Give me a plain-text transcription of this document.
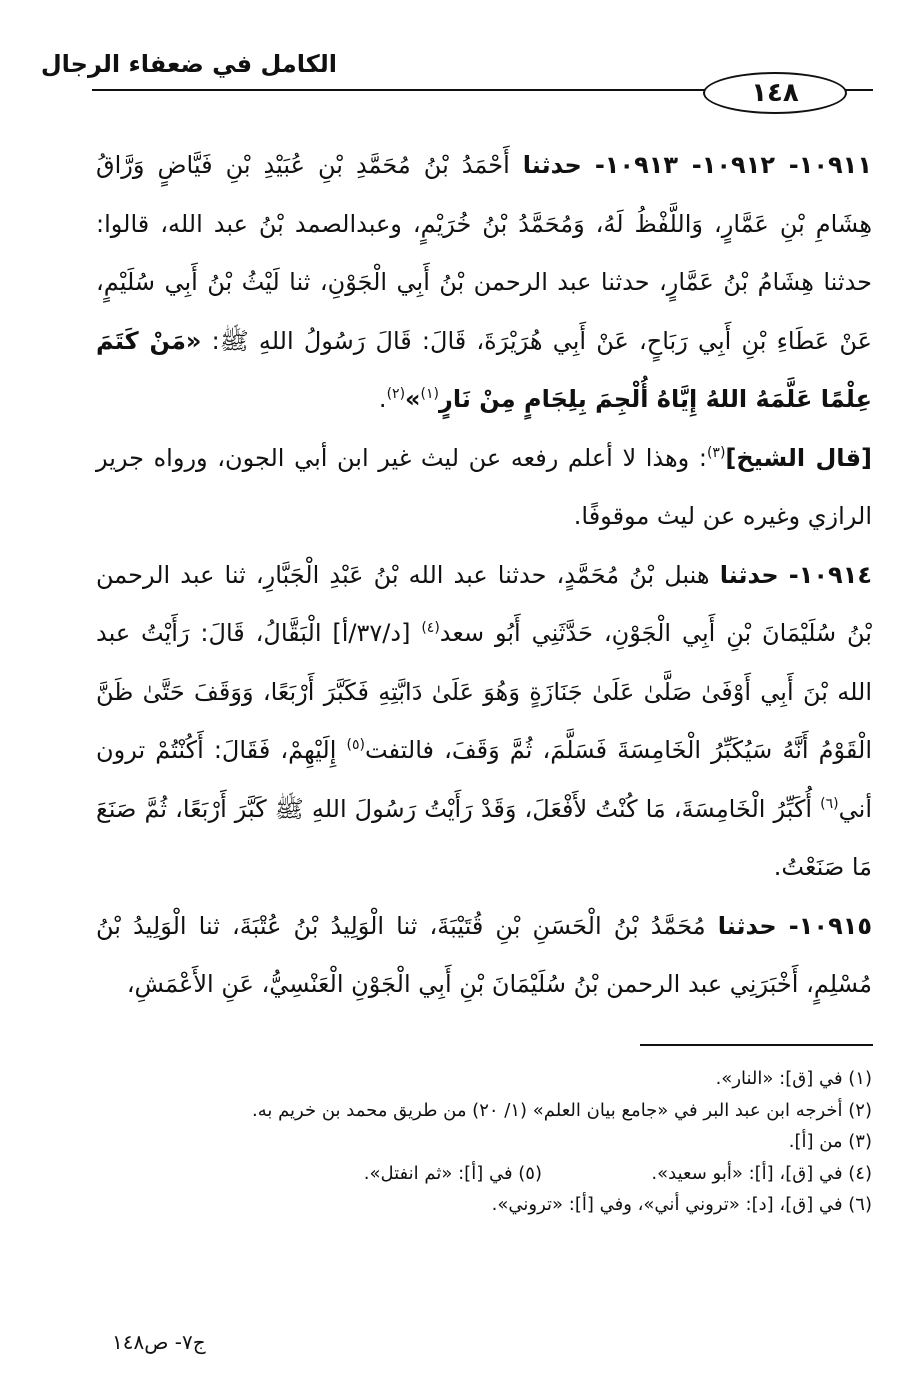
الكامل في ضعفاء الرجال
١٤٨

١٠٩١١- ١٠٩١٢- ١٠٩١٣- حدثنا أَحْمَدُ بْنُ مُحَمَّدِ بْنِ عُبَيْدِ بْنِ فَيَّاضٍ وَرَّاقُ هِشَامِ بْنِ عَمَّارٍ، وَاللَّفْظُ لَهُ، وَمُحَمَّدُ بْنُ خُرَيْمٍ، وعبدالصمد بْنُ عبد الله، قالوا: حدثنا هِشَامُ بْنُ عَمَّارٍ، حدثنا عبد الرحمن بْنُ أَبِي الْجَوْنِ، ثنا لَيْثُ بْنُ أَبِي سُلَيْمٍ، عَنْ عَطَاءِ بْنِ أَبِي رَبَاحٍ، عَنْ أَبِي هُرَيْرَةَ، قَالَ: قَالَ رَسُولُ اللهِ ﷺ: «مَنْ كَتَمَ عِلْمًا عَلَّمَهُ اللهُ إِيَّاهُ أُلْجِمَ بِلِجَامٍ مِنْ نَارٍ$^{(١)}$»$^{(٢)}$.

[قال الشيخ]$^{(٣)}$: وهذا لا أعلم رفعه عن ليث غير ابن أبي الجون، ورواه جرير الرازي وغيره عن ليث موقوفًا.

١٠٩١٤- حدثنا هنبل بْنُ مُحَمَّدٍ، حدثنا عبد الله بْنُ عَبْدِ الْجَبَّارِ، ثنا عبد الرحمن بْنُ سُلَيْمَانَ بْنِ أَبِي الْجَوْنِ، حَدَّثَنِي أَبُو سعد$^{(٤)}$ [د/٣٧/أ] الْبَقَّالُ، قَالَ: رَأَيْتُ عبد الله بْنَ أَبِي أَوْفَىٰ صَلَّىٰ عَلَىٰ جَنَازَةٍ وَهُوَ عَلَىٰ دَابَّتِهِ فَكَبَّرَ أَرْبَعًا، وَوَقَفَ حَتَّىٰ ظَنَّ الْقَوْمُ أَنَّهُ سَيُكَبِّرُ الْخَامِسَةَ فَسَلَّمَ، ثُمَّ وَقَفَ، فالتفت$^{(٥)}$ إِلَيْهِمْ، فَقَالَ: أَكُنْتُمْ ترون أني$^{(٦)}$ أُكَبِّرُ الْخَامِسَةَ، مَا كُنْتُ لأَفْعَلَ، وَقَدْ رَأَيْتُ رَسُولَ اللهِ ﷺ كَبَّرَ أَرْبَعًا، ثُمَّ صَنَعَ مَا صَنَعْتُ.

١٠٩١٥- حدثنا مُحَمَّدُ بْنُ الْحَسَنِ بْنِ قُتَيْبَةَ، ثنا الْوَلِيدُ بْنُ عُتْبَةَ، ثنا الْوَلِيدُ بْنُ مُسْلِمٍ، أَخْبَرَنِي عبد الرحمن بْنُ سُلَيْمَانَ بْنِ أَبِي الْجَوْنِ الْعَنْسِيُّ، عَنِ الأَعْمَشِ،

(١) في [ق]: «النار».
(٢) أخرجه ابن عبد البر في «جامع بيان العلم» (١/ ٢٠) من طريق محمد بن خريم به.
(٣) من [أ].
(٤) في [ق]، [أ]: «أبو سعيد».(٥) في [أ]: «ثم انفتل».
(٦) في [ق]، [د]: «تروني أني»، وفي [أ]: «تروني».
ج٧- ص١٤٨
